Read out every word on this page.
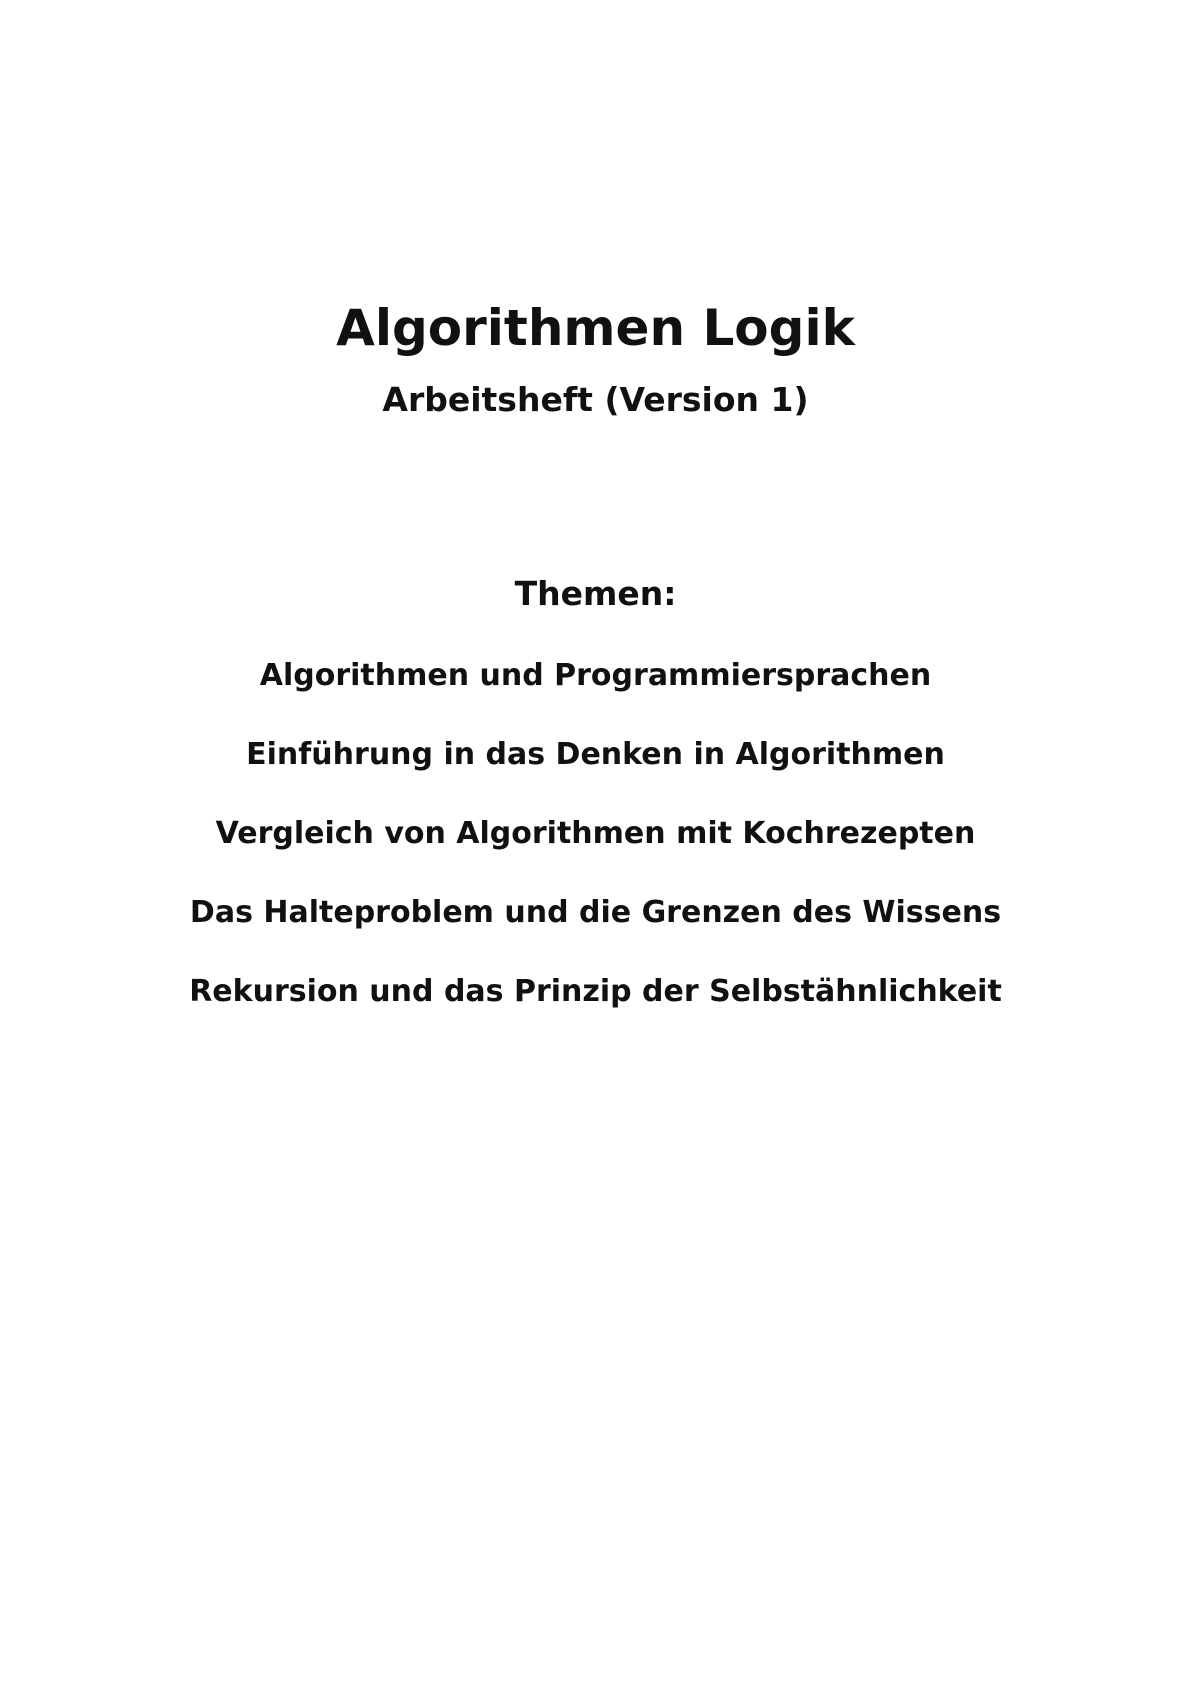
Algorithmen Logik
Arbeitsheft (Version 1)
Themen:
Algorithmen und Programmiersprachen
Einführung in das Denken in Algorithmen
Vergleich von Algorithmen mit Kochrezepten
Das Halteproblem und die Grenzen des Wissens
Rekursion und das Prinzip der Selbstähnlichkeit
